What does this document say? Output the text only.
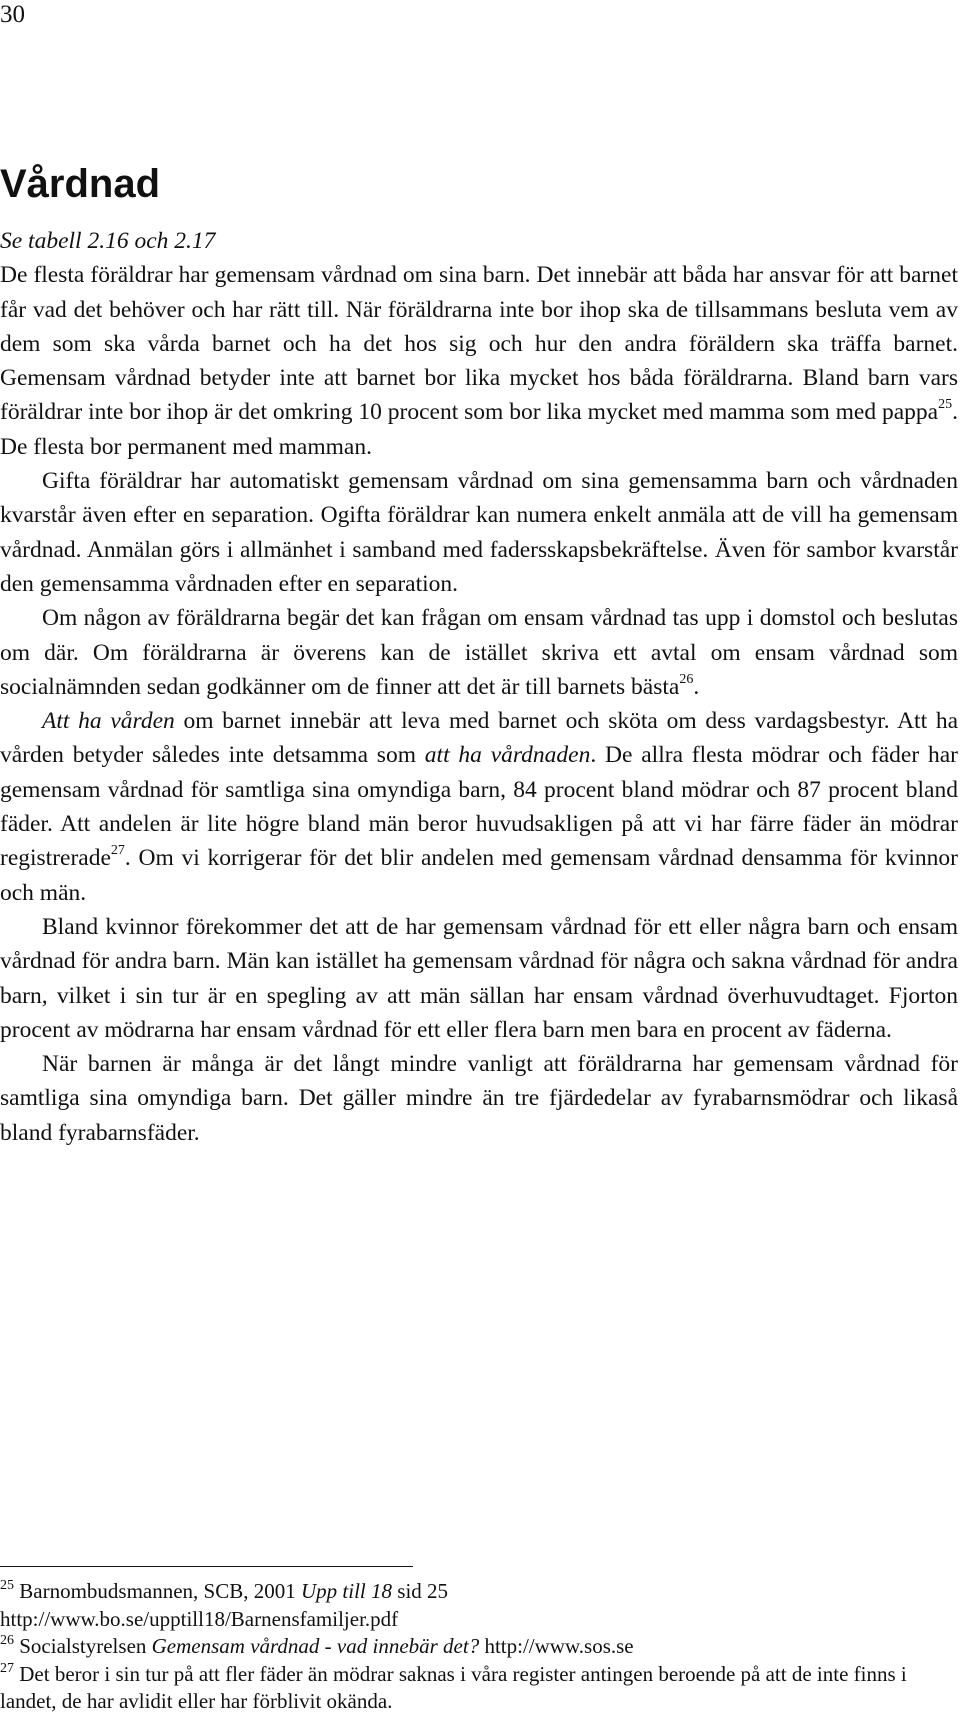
30
Vårdnad
Se tabell 2.16 och 2.17

De flesta föräldrar har gemensam vårdnad om sina barn. Det innebär att båda har ansvar för att barnet får vad det behöver och har rätt till. När föräldrarna inte bor ihop ska de tillsammans besluta vem av dem som ska vårda barnet och ha det hos sig och hur den andra föräldern ska träffa barnet. Gemensam vårdnad betyder inte att barnet bor lika mycket hos båda föräldrarna. Bland barn vars föräldrar inte bor ihop är det omkring 10 procent som bor lika mycket med mamma som med pappa$^{25}$. De flesta bor permanent med mamman.

Gifta föräldrar har automatiskt gemensam vårdnad om sina gemensamma barn och vårdnaden kvarstår även efter en separation. Ogifta föräldrar kan numera enkelt anmäla att de vill ha gemensam vårdnad. Anmälan görs i allmänhet i samband med fadersskapsbekräftelse. Även för sambor kvarstår den gemensamma vårdnaden efter en separation.

Om någon av föräldrarna begär det kan frågan om ensam vårdnad tas upp i domstol och beslutas om där. Om föräldrarna är överens kan de istället skriva ett avtal om ensam vårdnad som socialnämnden sedan godkänner om de finner att det är till barnets bästa$^{26}$.

Att ha vården om barnet innebär att leva med barnet och sköta om dess vardagsbestyr. Att ha vården betyder således inte detsamma som att ha vårdnaden. De allra flesta mödrar och fäder har gemensam vårdnad för samtliga sina omyndiga barn, 84 procent bland mödrar och 87 procent bland fäder. Att andelen är lite högre bland män beror huvudsakligen på att vi har färre fäder än mödrar registrerade$^{27}$. Om vi korrigerar för det blir andelen med gemensam vårdnad densamma för kvinnor och män.

Bland kvinnor förekommer det att de har gemensam vårdnad för ett eller några barn och ensam vårdnad för andra barn. Män kan istället ha gemensam vårdnad för några och sakna vårdnad för andra barn, vilket i sin tur är en spegling av att män sällan har ensam vårdnad överhuvudtaget. Fjorton procent av mödrarna har ensam vårdnad för ett eller flera barn men bara en procent av fäderna.

När barnen är många är det långt mindre vanligt att föräldrarna har gemensam vårdnad för samtliga sina omyndiga barn. Det gäller mindre än tre fjärdedelar av fyrabarnsmödrar och likaså bland fyrabarnsfäder.

$^{25}$ Barnombudsmannen, SCB, 2001 Upp till 18 sid 25

http://www.bo.se/upptill18/Barnensfamiljer.pdf

$^{26}$ Socialstyrelsen Gemensam vårdnad - vad innebär det? http://www.sos.se

$^{27}$ Det beror i sin tur på att fler fäder än mödrar saknas i våra register antingen beroende på att de inte finns i landet, de har avlidit eller har förblivit okända.
